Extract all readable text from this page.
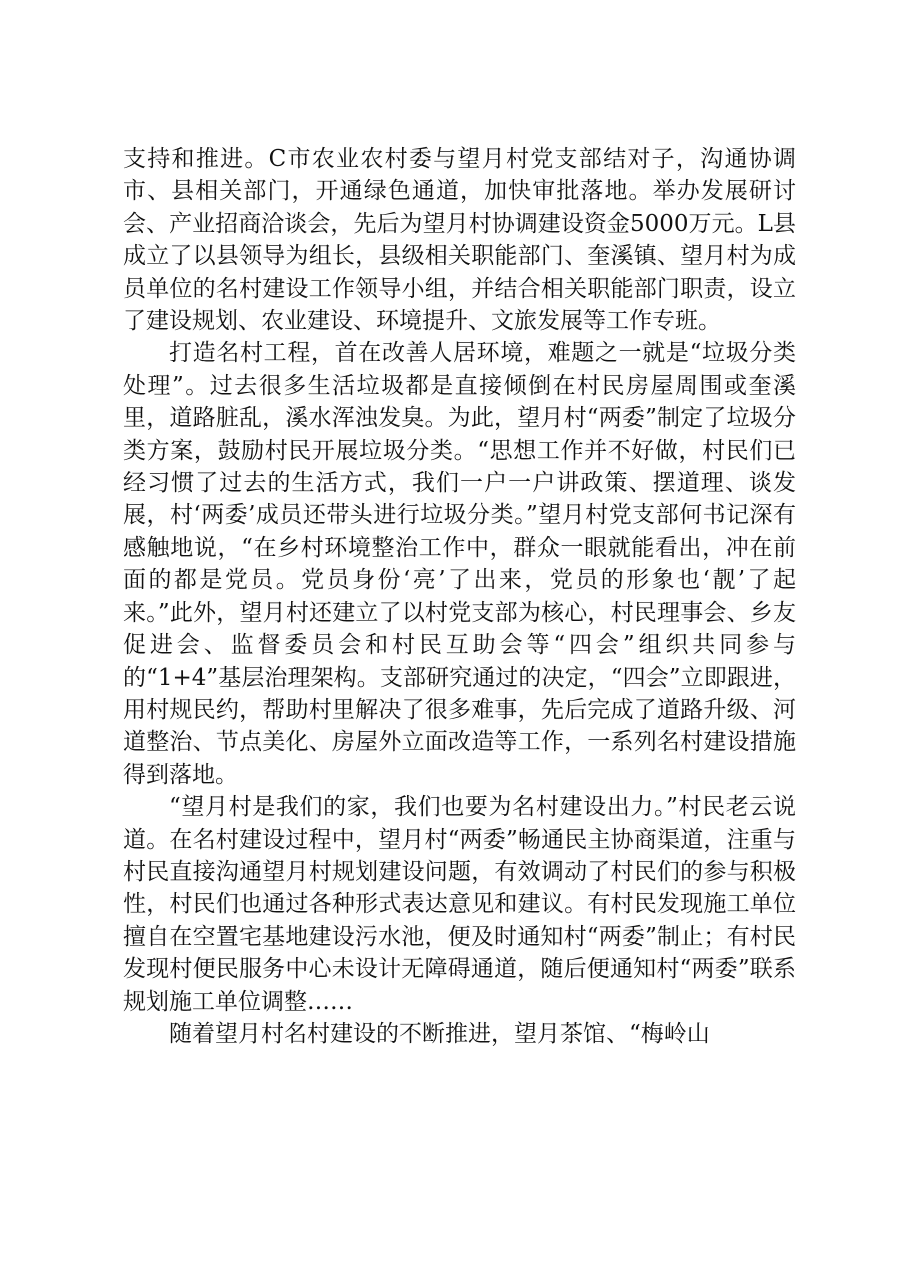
支持和推进。C市农业农村委与望月村党支部结对子，沟通协调市、县相关部门，开通绿色通道，加快审批落地。举办发展研讨会、产业招商洽谈会，先后为望月村协调建设资金5000万元。L县成立了以县领导为组长，县级相关职能部门、奎溪镇、望月村为成员单位的名村建设工作领导小组，并结合相关职能部门职责，设立了建设规划、农业建设、环境提升、文旅发展等工作专班。

打造名村工程，首在改善人居环境，难题之一就是“垃圾分类处理”。过去很多生活垃圾都是直接倾倒在村民房屋周围或奎溪里，道路脏乱，溪水浑浊发臭。为此，望月村“两委”制定了垃圾分类方案，鼓励村民开展垃圾分类。“思想工作并不好做，村民们已经习惯了过去的生活方式，我们一户一户讲政策、摆道理、谈发展，村‘两委’成员还带头进行垃圾分类。”望月村党支部何书记深有感触地说，“在乡村环境整治工作中，群众一眼就能看出，冲在前面的都是党员。党员身份‘亮’了出来，党员的形象也‘靓’了起来。”此外，望月村还建立了以村党支部为核心，村民理事会、乡友促进会、监督委员会和村民互助会等“四会”组织共同参与的“1+4”基层治理架构。支部研究通过的决定，“四会”立即跟进，用村规民约，帮助村里解决了很多难事，先后完成了道路升级、河道整治、节点美化、房屋外立面改造等工作，一系列名村建设措施得到落地。

“望月村是我们的家，我们也要为名村建设出力。”村民老云说道。在名村建设过程中，望月村“两委”畅通民主协商渠道，注重与村民直接沟通望月村规划建设问题，有效调动了村民们的参与积极性，村民们也通过各种形式表达意见和建议。有村民发现施工单位擅自在空置宅基地建设污水池，便及时通知村“两委”制止；有村民发现村便民服务中心未设计无障碍通道，随后便通知村“两委”联系规划施工单位调整……

随着望月村名村建设的不断推进，望月茶馆、“梅岭山
